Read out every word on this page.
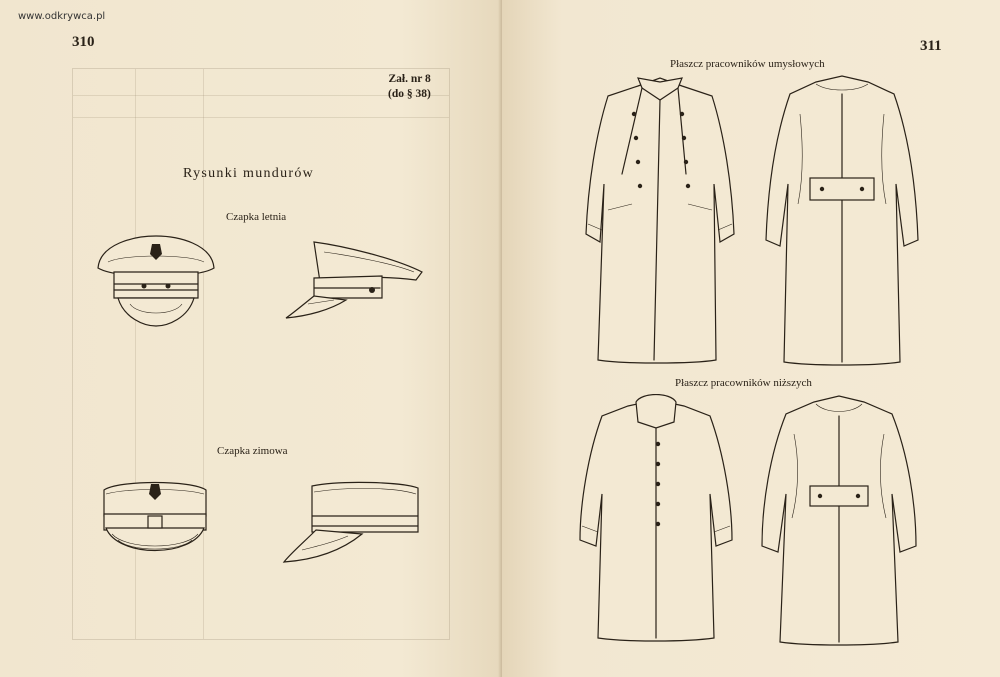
www.odkrywca.pl
310
Zał. nr 8
(do § 38)
Rysunki mundurów
Czapka letnia
Czapka zimowa
311
Płaszcz pracowników umysłowych
Płaszcz pracowników niższych
